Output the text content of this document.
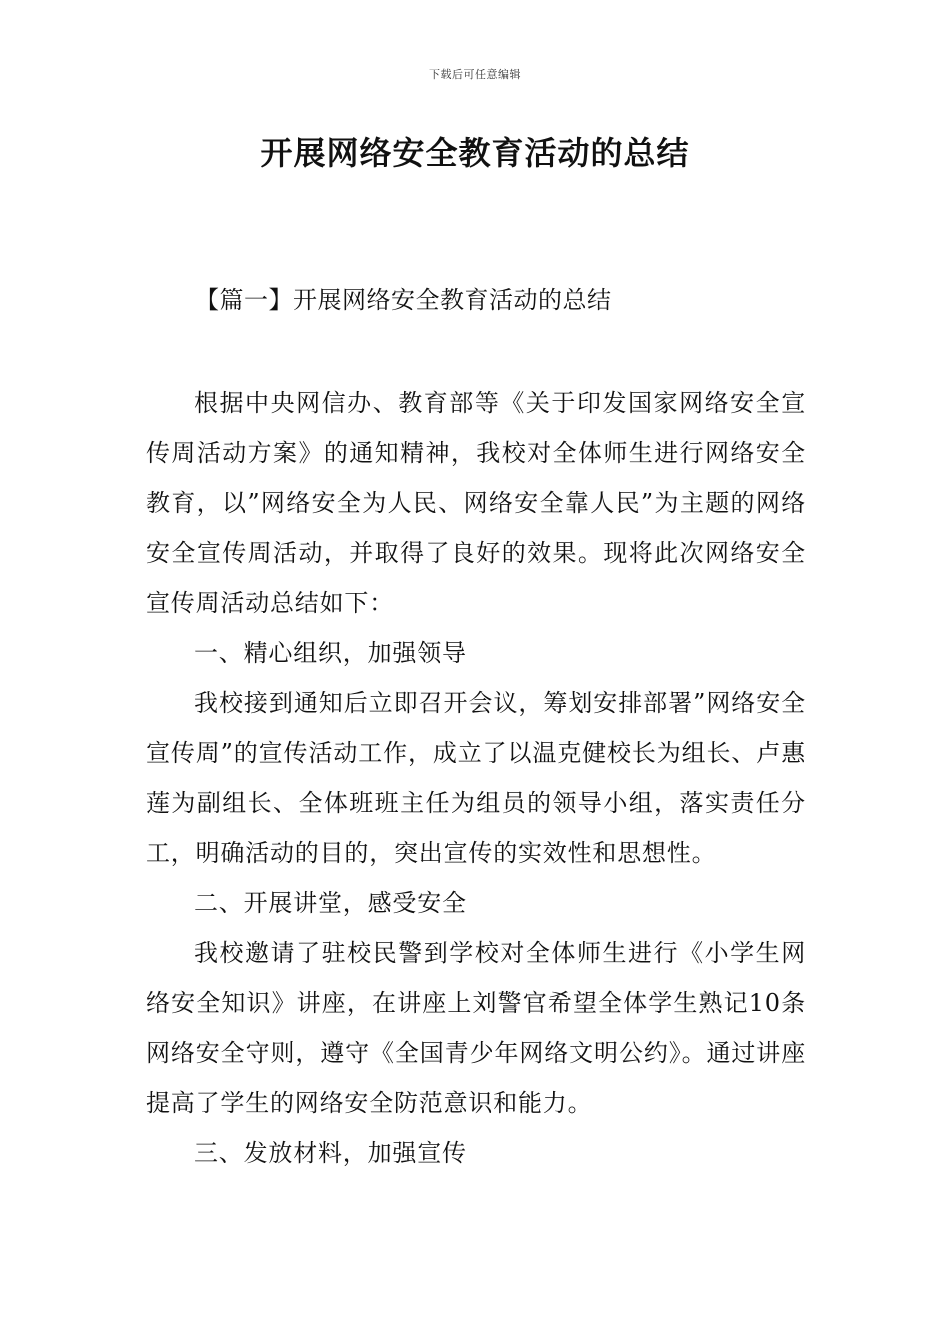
下载后可任意编辑
开展网络安全教育活动的总结
【篇一】开展网络安全教育活动的总结

根据中央网信办、教育部等《关于印发国家网络安全宣传周活动方案》的通知精神，我校对全体师生进行网络安全教育，以”网络安全为人民、网络安全靠人民”为主题的网络安全宣传周活动，并取得了良好的效果。现将此次网络安全宣传周活动总结如下：

一、精心组织，加强领导

我校接到通知后立即召开会议，筹划安排部署”网络安全宣传周”的宣传活动工作，成立了以温克健校长为组长、卢惠莲为副组长、全体班班主任为组员的领导小组，落实责任分工，明确活动的目的，突出宣传的实效性和思想性。

二、开展讲堂，感受安全

我校邀请了驻校民警到学校对全体师生进行《小学生网络安全知识》讲座，在讲座上刘警官希望全体学生熟记10条网络安全守则，遵守《全国青少年网络文明公约》。通过讲座提高了学生的网络安全防范意识和能力。

三、发放材料，加强宣传
